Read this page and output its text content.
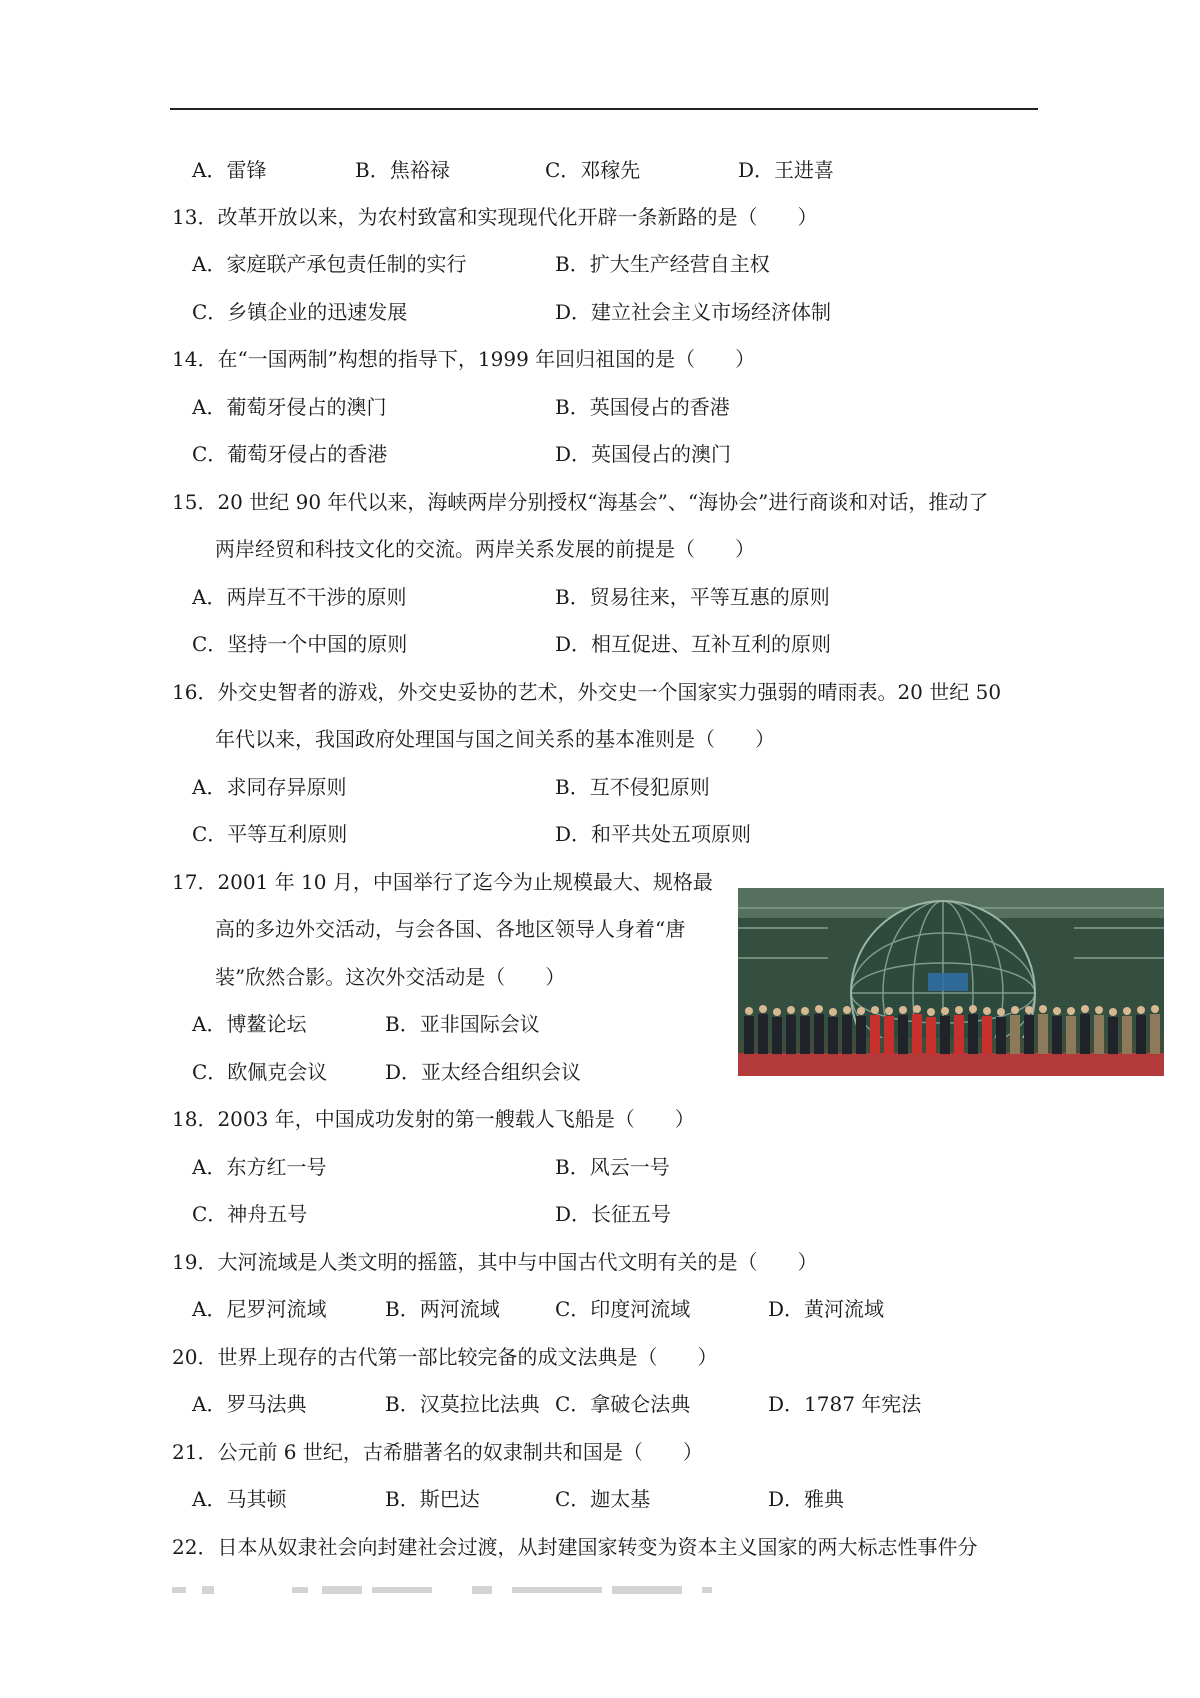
A．雷锋	B．焦裕禄	C．邓稼先	D．王进喜
13．改革开放以来，为农村致富和实现现代化开辟一条新路的是（　　）
A．家庭联产承包责任制的实行	B．扩大生产经营自主权
C．乡镇企业的迅速发展	D．建立社会主义市场经济体制
14．在“一国两制”构想的指导下，1999 年回归祖国的是（　　）
A．葡萄牙侵占的澳门	B．英国侵占的香港
C．葡萄牙侵占的香港	D．英国侵占的澳门
15．20 世纪 90 年代以来，海峡两岸分别授权“海基会”、“海协会”进行商谈和对话，推动了
两岸经贸和科技文化的交流。两岸关系发展的前提是（　　）
A．两岸互不干涉的原则	B．贸易往来，平等互惠的原则
C．坚持一个中国的原则	D．相互促进、互补互利的原则
16．外交史智者的游戏，外交史妥协的艺术，外交史一个国家实力强弱的晴雨表。20 世纪 50
年代以来，我国政府处理国与国之间关系的基本准则是（　　）
A．求同存异原则	B．互不侵犯原则
C．平等互利原则	D．和平共处五项原则
17．2001 年 10 月，中国举行了迄今为止规模最大、规格最
高的多边外交活动，与会各国、各地区领导人身着“唐
装”欣然合影。这次外交活动是（　　）
A．博鳌论坛	B．亚非国际会议
C．欧佩克会议	D．亚太经合组织会议
18．2003 年，中国成功发射的第一艘载人飞船是（　　）
A．东方红一号	B．风云一号
C．神舟五号	D．长征五号
19．大河流域是人类文明的摇篮，其中与中国古代文明有关的是（　　）
A．尼罗河流域	B．两河流域	C．印度河流域	D．黄河流域
20．世界上现存的古代第一部比较完备的成文法典是（　　）
A．罗马法典	B．汉莫拉比法典 C．拿破仑法典	D．1787 年宪法
21．公元前 6 世纪，古希腊著名的奴隶制共和国是（　　）
A．马其顿	B．斯巴达	C．迦太基	D．雅典
22．日本从奴隶社会向封建社会过渡，从封建国家转变为资本主义国家的两大标志性事件分
